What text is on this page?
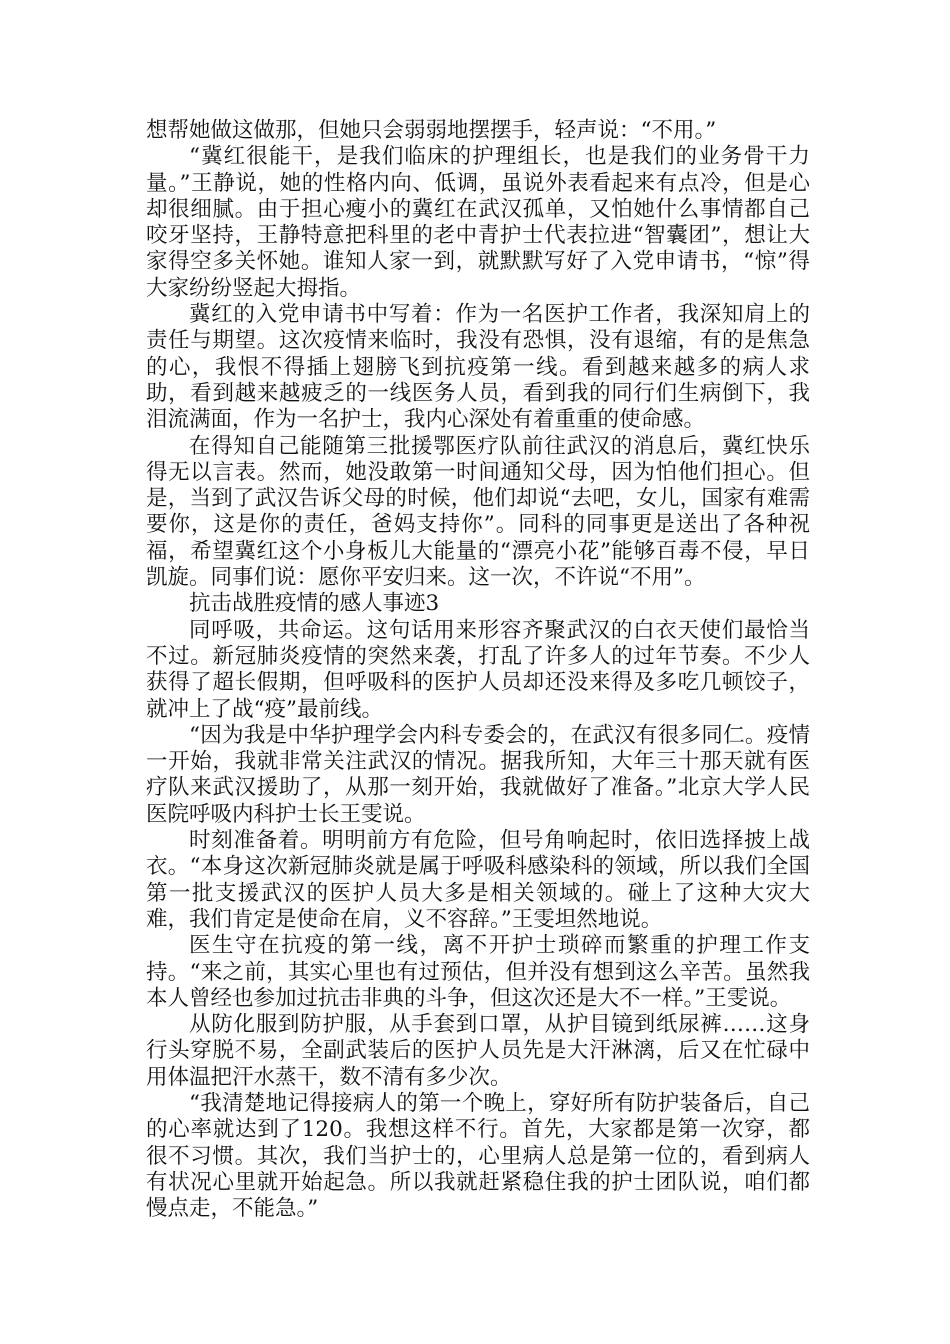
想帮她做这做那，但她只会弱弱地摆摆手，轻声说：“不用。”

“冀红很能干，是我们临床的护理组长，也是我们的业务骨干力量。”王静说，她的性格内向、低调，虽说外表看起来有点冷，但是心却很细腻。由于担心瘦小的冀红在武汉孤单，又怕她什么事情都自己咬牙坚持，王静特意把科里的老中青护士代表拉进“智囊团”，想让大家得空多关怀她。谁知人家一到，就默默写好了入党申请书，“惊”得大家纷纷竖起大拇指。

冀红的入党申请书中写着：作为一名医护工作者，我深知肩上的责任与期望。这次疫情来临时，我没有恐惧，没有退缩，有的是焦急的心，我恨不得插上翅膀飞到抗疫第一线。看到越来越多的病人求助，看到越来越疲乏的一线医务人员，看到我的同行们生病倒下，我泪流满面，作为一名护士，我内心深处有着重重的使命感。

在得知自己能随第三批援鄂医疗队前往武汉的消息后，冀红快乐得无以言表。然而，她没敢第一时间通知父母，因为怕他们担心。但是，当到了武汉告诉父母的时候，他们却说“去吧，女儿，国家有难需要你，这是你的责任，爸妈支持你”。同科的同事更是送出了各种祝福，希望冀红这个小身板儿大能量的“漂亮小花”能够百毒不侵，早日凯旋。同事们说：愿你平安归来。这一次，不许说“不用”。

抗击战胜疫情的感人事迹3

同呼吸，共命运。这句话用来形容齐聚武汉的白衣天使们最恰当不过。新冠肺炎疫情的突然来袭，打乱了许多人的过年节奏。不少人获得了超长假期，但呼吸科的医护人员却还没来得及多吃几顿饺子，就冲上了战“疫”最前线。

“因为我是中华护理学会内科专委会的，在武汉有很多同仁。疫情一开始，我就非常关注武汉的情况。据我所知，大年三十那天就有医疗队来武汉援助了，从那一刻开始，我就做好了准备。”北京大学人民医院呼吸内科护士长王雯说。

时刻准备着。明明前方有危险，但号角响起时，依旧选择披上战衣。“本身这次新冠肺炎就是属于呼吸科感染科的领域，所以我们全国第一批支援武汉的医护人员大多是相关领域的。碰上了这种大灾大难，我们肯定是使命在肩，义不容辞。”王雯坦然地说。

医生守在抗疫的第一线，离不开护士琐碎而繁重的护理工作支持。“来之前，其实心里也有过预估，但并没有想到这么辛苦。虽然我本人曾经也参加过抗击非典的斗争，但这次还是大不一样。”王雯说。

从防化服到防护服，从手套到口罩，从护目镜到纸尿裤……这身行头穿脱不易，全副武装后的医护人员先是大汗淋漓，后又在忙碌中用体温把汗水蒸干，数不清有多少次。

“我清楚地记得接病人的第一个晚上，穿好所有防护装备后，自己的心率就达到了120。我想这样不行。首先，大家都是第一次穿，都很不习惯。其次，我们当护士的，心里病人总是第一位的，看到病人有状况心里就开始起急。所以我就赶紧稳住我的护士团队说，咱们都慢点走，不能急。”
